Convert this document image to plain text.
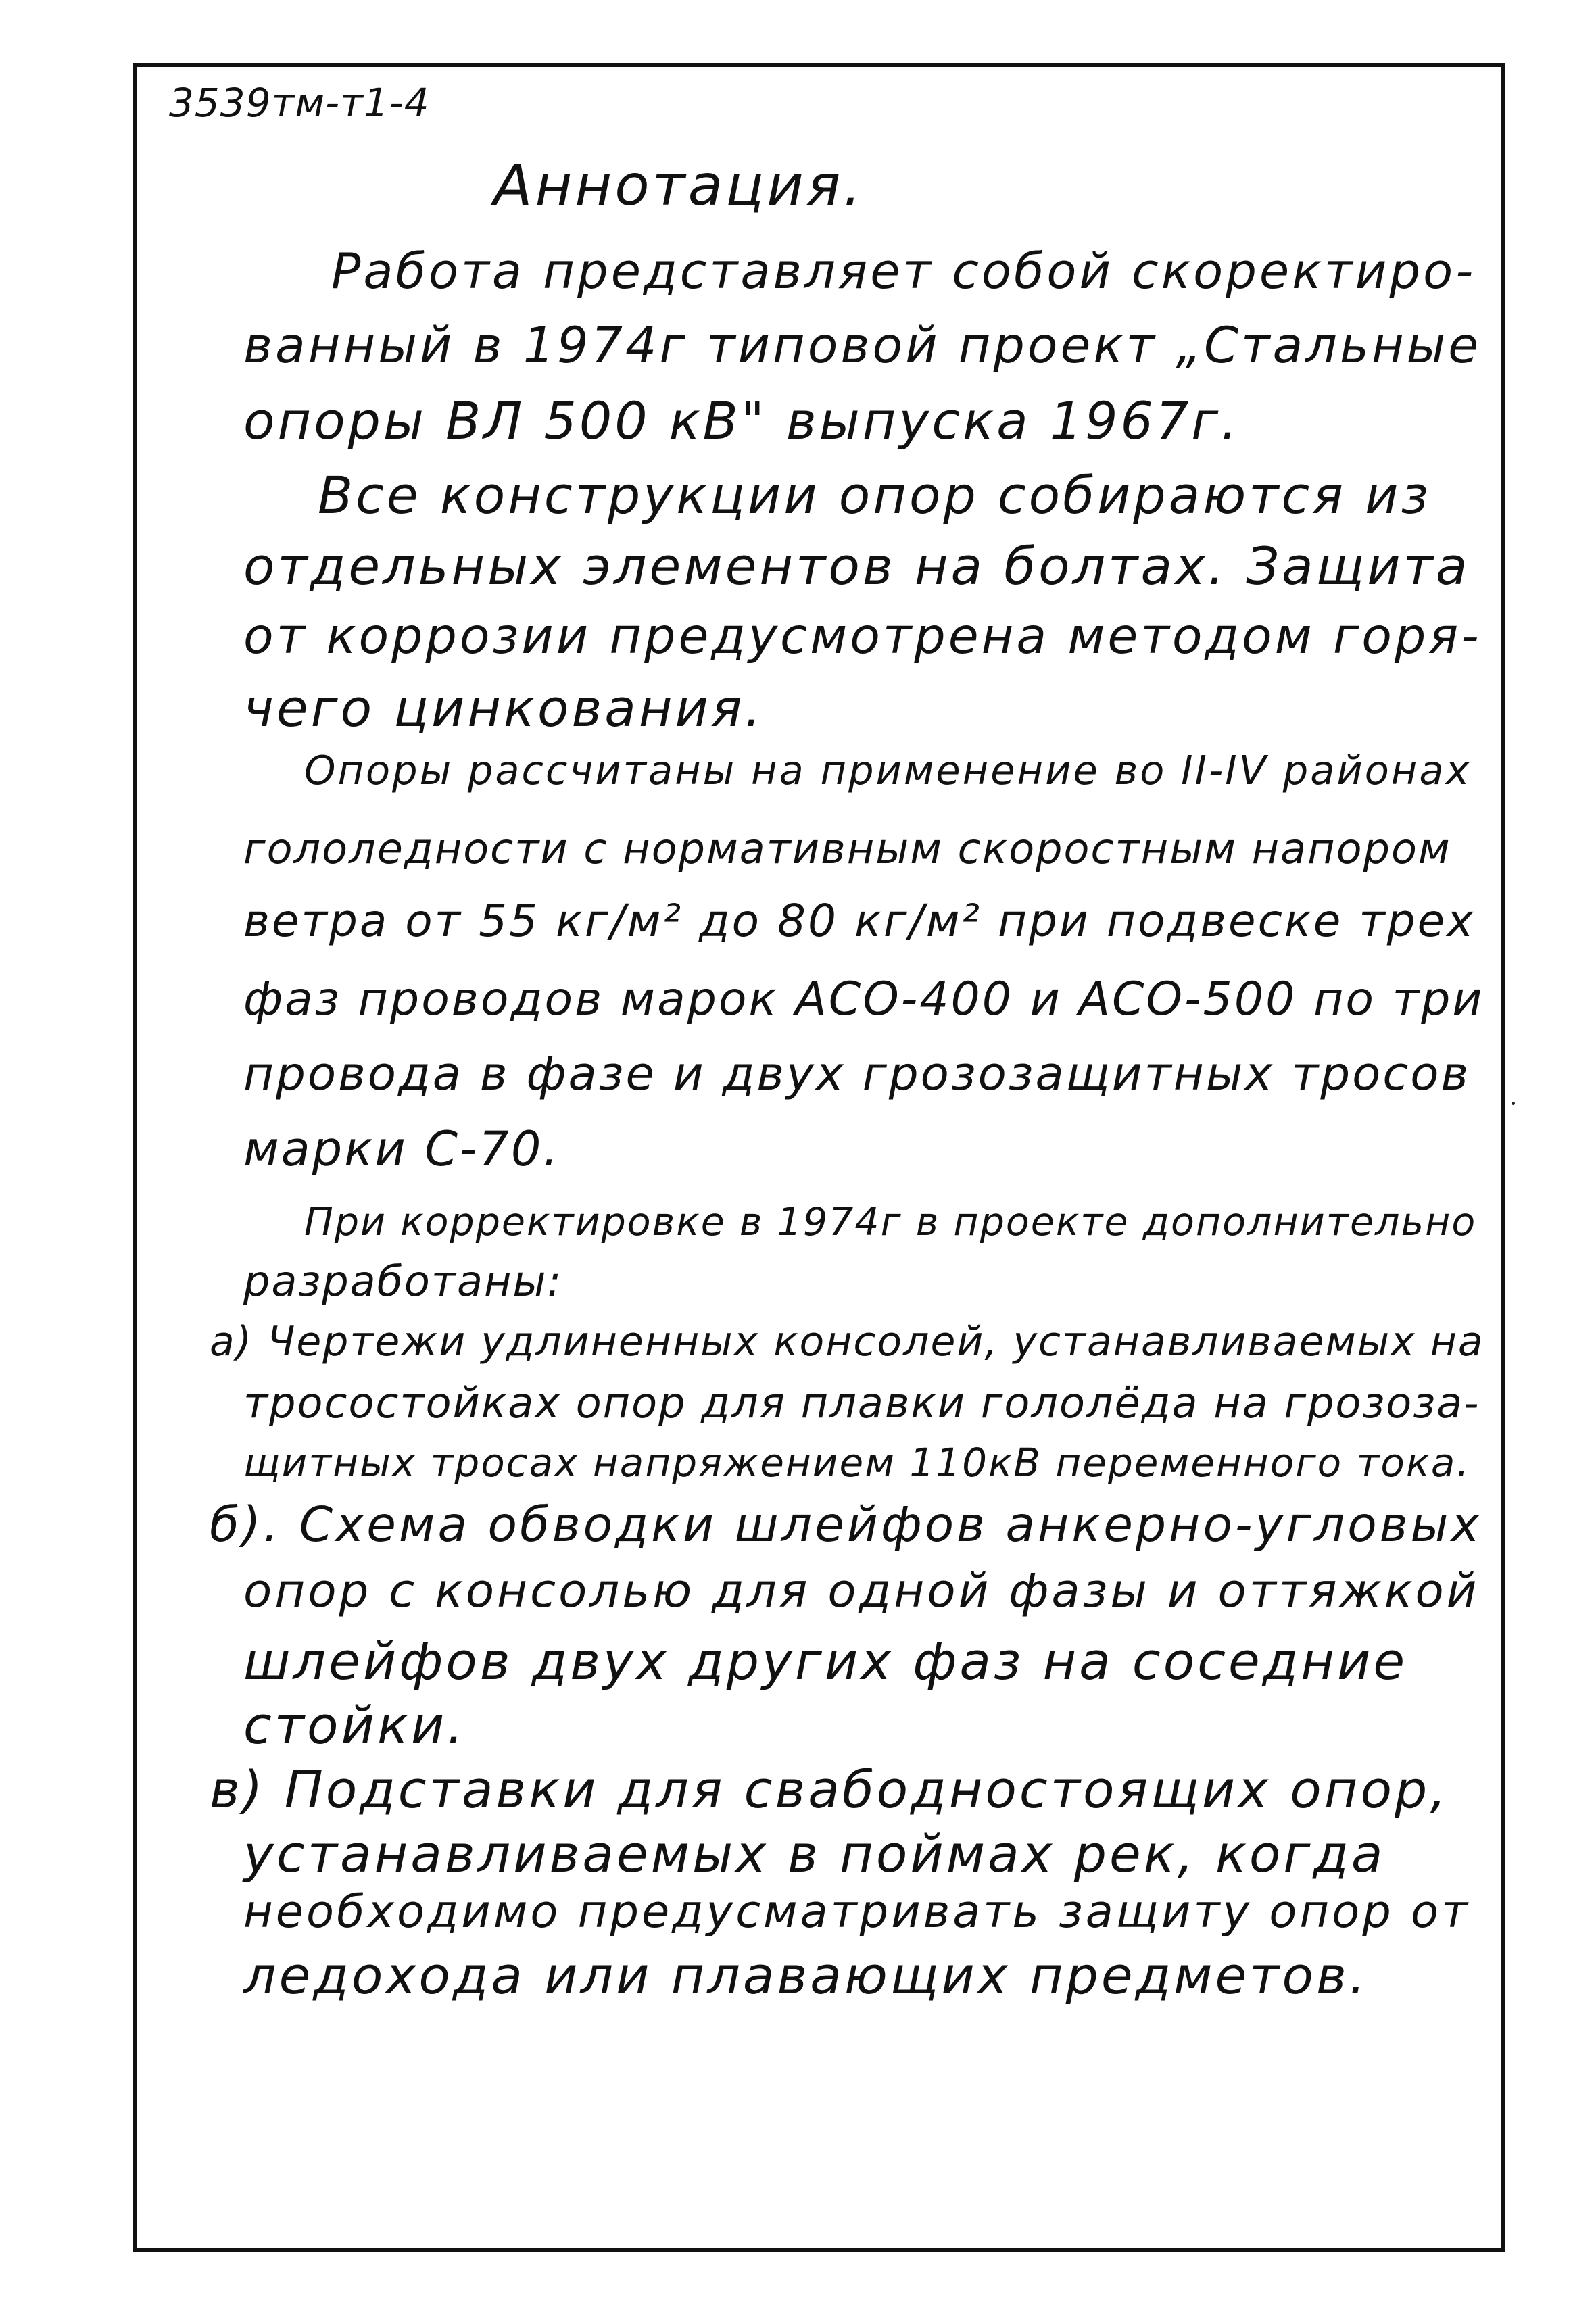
3539тм-т1-4
Аннотация.
Работа представляет собой скоректиро-
ванный в 1974г типовой проект „Стальные
опоры ВЛ 500 кВ" выпуска 1967г.
Все конструкции опор собираются из
отдельных элементов на болтах. Защита
от коррозии предусмотрена методом горя-
чего цинкования.
Опоры рассчитаны на применение во II-IV районах
гололедности с нормативным скоростным напором
ветра от 55 кг/м² до 80 кг/м² при подвеске трех
фаз проводов марок АСО-400 и АСО-500 по три
провода в фазе и двух грозозащитных тросов
марки С-70.
При корректировке в 1974г в проекте дополнительно
разработаны:
а) Чертежи удлиненных консолей, устанавливаемых на
тросостойках опор для плавки гололёда на грозоза-
щитных тросах напряжением 110кВ переменного тока.
б). Схема обводки шлейфов анкерно-угловых
опор с консолью для одной фазы и оттяжкой
шлейфов двух других фаз на соседние
стойки.
в) Подставки для свабодностоящих опор,
устанавливаемых в поймах рек, когда
необходимо предусматривать защиту опор от
ледохода или плавающих предметов.
